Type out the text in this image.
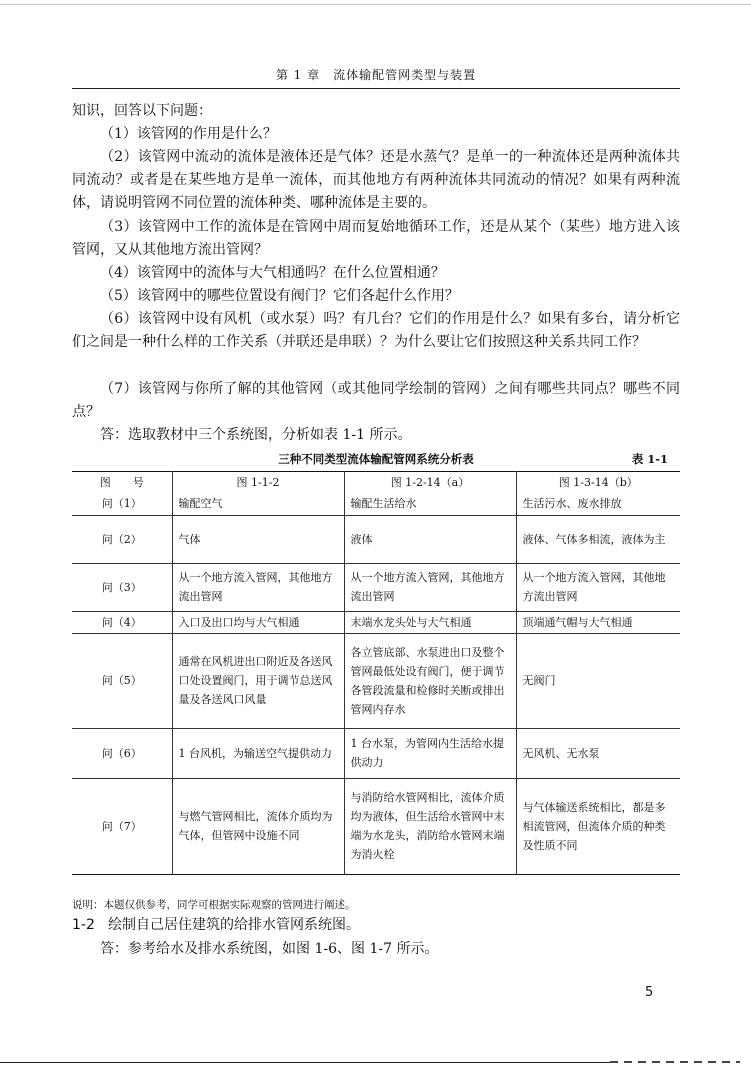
第 1 章　流体输配管网类型与装置

知识，回答以下问题：

（1）该管网的作用是什么？

（2）该管网中流动的流体是液体还是气体？还是水蒸气？是单一的一种流体还是两种流体共同流动？或者是在某些地方是单一流体，而其他地方有两种流体共同流动的情况？如果有两种流体，请说明管网不同位置的流体种类、哪种流体是主要的。

（3）该管网中工作的流体是在管网中周而复始地循环工作，还是从某个（某些）地方进入该管网，又从其他地方流出管网？

（4）该管网中的流体与大气相通吗？在什么位置相通？

（5）该管网中的哪些位置设有阀门？它们各起什么作用？

（6）该管网中设有风机（或水泵）吗？有几台？它们的作用是什么？如果有多台，请分析它们之间是一种什么样的工作关系（并联还是串联）？为什么要让它们按照这种关系共同工作？

（7）该管网与你所了解的其他管网（或其他同学绘制的管网）之间有哪些共同点？哪些不同点？

答：选取教材中三个系统图，分析如表 1-1 所示。

三种不同类型流体输配管网系统分析表	表 1-1
图　　号	图 1-1-2	图 1-2-14（a）	图 1-3-14（b）
问（1）	输配空气	输配生活给水	生活污水、废水排放
问（2）	气体	液体	液体、气体多相流，液体为主
问（3）	从一个地方流入管网，其他地方流出管网	从一个地方流入管网，其他地方流出管网	从一个地方流入管网，其他地方流出管网
问（4）	入口及出口均与大气相通	末端水龙头处与大气相通	顶端通气帽与大气相通
问（5）	通常在风机进出口附近及各送风口处设置阀门，用于调节总送风量及各送风口风量	各立管底部、水泵进出口及整个管网最低处设有阀门，便于调节各管段流量和检修时关断或排出管网内存水	无阀门
问（6）	1 台风机，为输送空气提供动力	1 台水泵，为管网内生活给水提供动力	无风机、无水泵
问（7）	与燃气管网相比，流体介质均为气体，但管网中设施不同	与消防给水管网相比，流体介质均为液体，但生活给水管网中末端为水龙头，消防给水管网末端为消火栓	与气体输送系统相比，都是多相流管网，但流体介质的种类及性质不同
说明：本题仅供参考，同学可根据实际观察的管网进行阐述。
1-2 绘制自己居住建筑的给排水管网系统图。

答：参考给水及排水系统图，如图 1-6、图 1-7 所示。

5
